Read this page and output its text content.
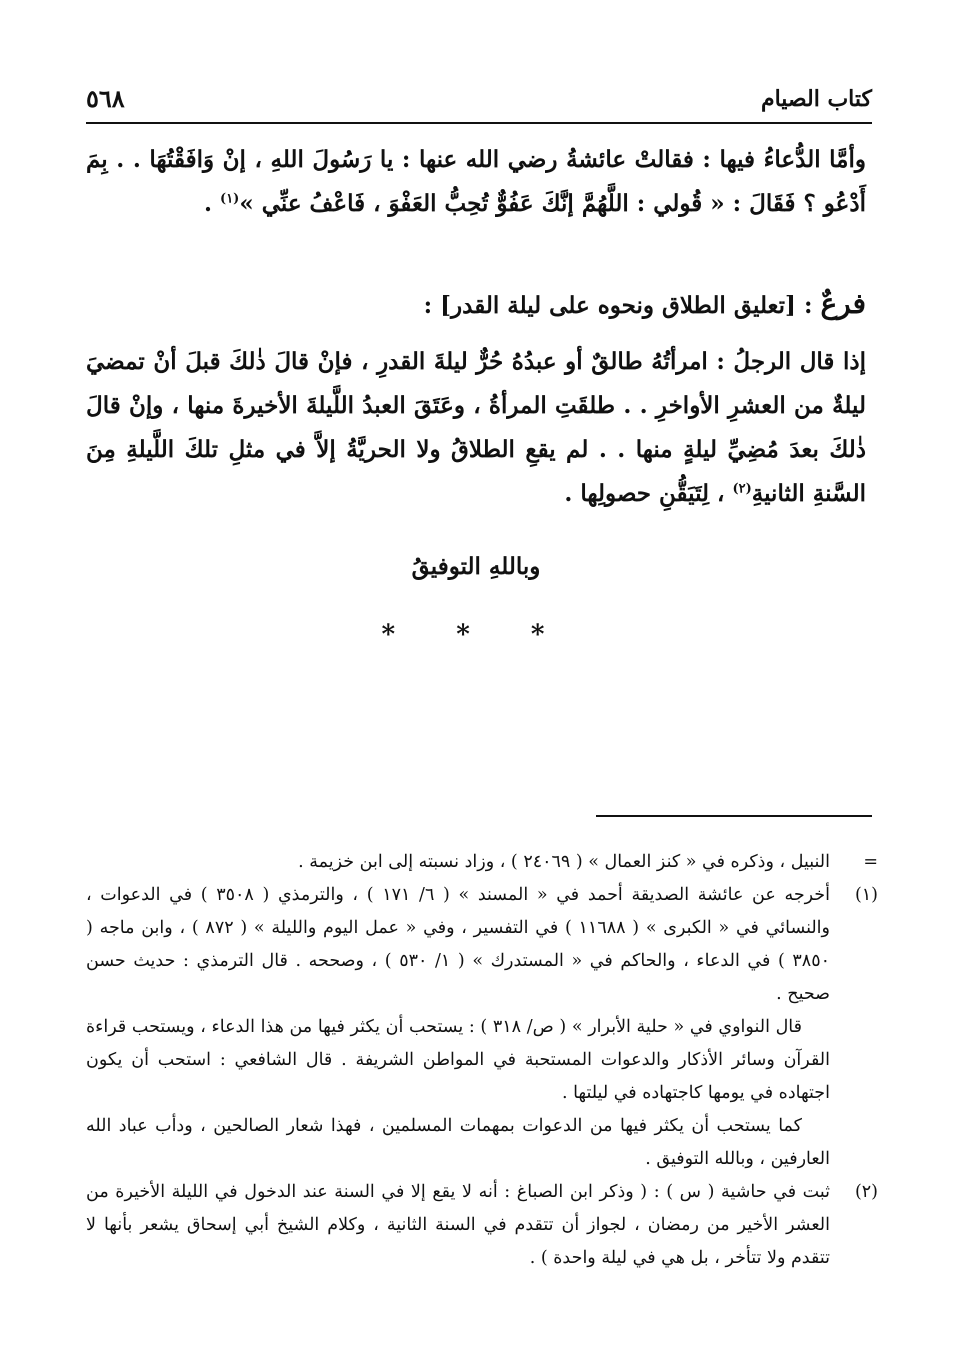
٥٦٨	كتاب الصيام
وأمَّا الدُّعاءُ فيها : فقالتْ عائشةُ رضي الله عنها : يا رَسُولَ اللهِ ، إنْ وَافَقْتُهَا . . بِمَ أَدْعُو ؟ فَقَالَ : « قُولي : اللَّهُمَّ إنَّكَ عَفُوٌّ تُحِبُّ العَفْوَ ، فَاعْفُ عنِّي »$^{(١)}$ .
فرعٌ : [تعليق الطلاق ونحوه على ليلة القدر] :
إذا قال الرجلُ : امرأتُهُ طالقٌ أو عبدُهُ حُرٌّ ليلةَ القدرِ ، فإنْ قالَ ذٰلكَ قبلَ أنْ تمضيَ ليلةٌ من العشرِ الأواخرِ . . طلقَتِ المرأةُ ، وعَتَقَ العبدُ اللَّيلةَ الأخيرةَ منها ، وإنْ قالَ ذٰلكَ بعدَ مُضِيِّ ليلةٍ منها . . لم يقعِ الطلاقُ ولا الحريَّةُ إلاَّ في مثلِ تلكَ اللَّيلةِ مِنَ السَّنةِ الثانيةِ$^{(٢)}$ ، لِتَيَقُّنِ حصولِها .
وباللهِ التوفيقُ
* * *
=
النبيل ، وذكره في « كنز العمال » ( ٢٤٠٦٩ ) ، وزاد نسبته إلى ابن خزيمة .
(١)
أخرجه عن عائشة الصديقة أحمد في « المسند » ( ٦/ ١٧١ ) ، والترمذي ( ٣٥٠٨ ) في الدعوات ، والنسائي في « الكبرى » ( ١١٦٨٨ ) في التفسير ، وفي « عمل اليوم والليلة » ( ٨٧٢ ) ، وابن ماجه ( ٣٨٥٠ ) في الدعاء ، والحاكم في « المستدرك » ( ١/ ٥٣٠ ) ، وصححه . قال الترمذي : حديث حسن صحيح .
قال النواوي في « حلية الأبرار » ( ص/ ٣١٨ ) : يستحب أن يكثر فيها من هذا الدعاء ، ويستحب قراءة القرآن وسائر الأذكار والدعوات المستحبة في المواطن الشريفة . قال الشافعي : استحب أن يكون اجتهاده في يومها كاجتهاده في ليلتها .
كما يستحب أن يكثر فيها من الدعوات بمهمات المسلمين ، فهذا شعار الصالحين ، ودأب عباد الله العارفين ، وبالله التوفيق .
(٢)
ثبت في حاشية ( س ) : ( وذكر ابن الصباغ : أنه لا يقع إلا في السنة عند الدخول في الليلة الأخيرة من العشر الأخير من رمضان ، لجواز أن تتقدم في السنة الثانية ، وكلام الشيخ أبي إسحاق يشعر بأنها لا تتقدم ولا تتأخر ، بل هي في ليلة واحدة ) .
